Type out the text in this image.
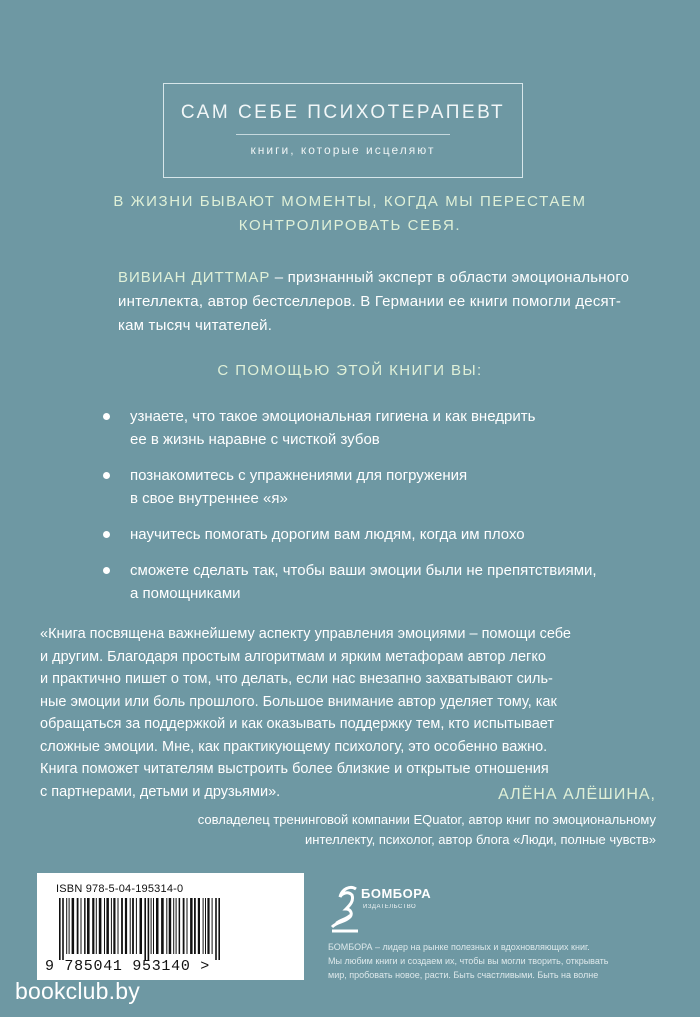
САМ СЕБЕ ПСИХОТЕРАПЕВТ
книги, которые исцеляют
В ЖИЗНИ БЫВАЮТ МОМЕНТЫ, КОГДА МЫ ПЕРЕСТАЕМ
КОНТРОЛИРОВАТЬ СЕБЯ.
ВИВИАН ДИТТМАР – признанный эксперт в области эмоционального
интеллекта, автор бестселлеров. В Германии ее книги помогли десят-
кам тысяч читателей.
С ПОМОЩЬЮ ЭТОЙ КНИГИ ВЫ:
узнаете, что такое эмоциональная гигиена и как внедрить
ее в жизнь наравне с чисткой зубов
познакомитесь с упражнениями для погружения
в свое внутреннее «я»
научитесь помогать дорогим вам людям, когда им плохо
сможете сделать так, чтобы ваши эмоции были не препятствиями,
а помощниками
«Книга посвящена важнейшему аспекту управления эмоциями – помощи себе
и другим. Благодаря простым алгоритмам и ярким метафорам автор легко
и практично пишет о том, что делать, если нас внезапно захватывают силь-
ные эмоции или боль прошлого. Большое внимание автор уделяет тому, как
обращаться за поддержкой и как оказывать поддержку тем, кто испытывает
сложные эмоции. Мне, как практикующему психологу, это особенно важно.
Книга поможет читателям выстроить более близкие и открытые отношения
с партнерами, детьми и друзьями».	АЛЁНА АЛЁШИНА,
совладелец тренинговой компании EQuator, автор книг по эмоциональному
интеллекту, психолог, автор блога «Люди, полные чувств»
ISBN 978-5-04-195314-0
9 785041 953140 >
БОМБОРА
ИЗДАТЕЛЬСТВО
БОМБОРА – лидер на рынке полезных и вдохновляющих книг.
Мы любим книги и создаем их, чтобы вы могли творить, открывать
мир, пробовать новое, расти. Быть счастливыми. Быть на волне
bookclub.by
